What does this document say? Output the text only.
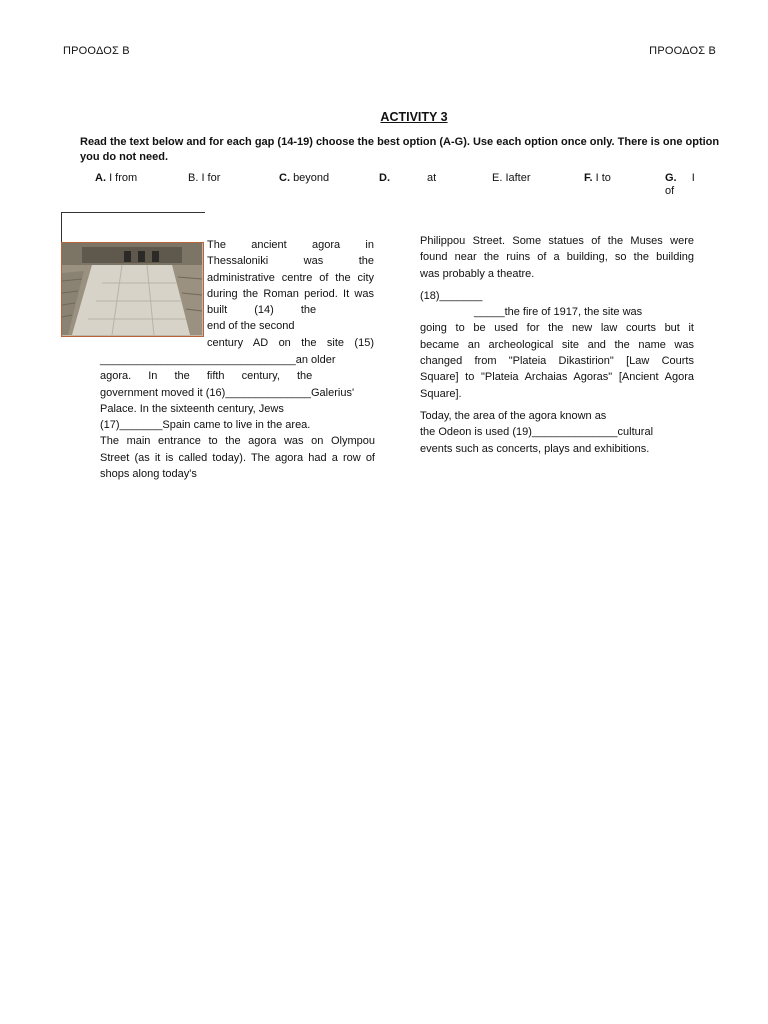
ΠΡΟΟΔΟΣ Β	ΠΡΟΟΔΟΣ Β
ACTIVITY 3
Read the text below and for each gap (14-19) choose the best option (A-G). Use each option once only. There is one option you do not need.
A. I from	B. I for	C. beyond	D.	at	E. Iafter	F. I to	G. I
of
The ancient agora in
Thessaloniki was the
administrative centre of the city
during the Roman period. It was
built (14) the
end of the second
century AD on the site (15)
________________________________an older
agora. In the fifth century, the
government moved it (16)______________Galerius'
Palace. In the sixteenth century, Jews
(17)_______Spain came to live in the area.
The main entrance to the agora was on Olympou
Street (as it is called today). The agora had a row of
shops along today's
Philippou Street. Some statues of the Muses were
found near the ruins of a building, so the building
was probably a theatre.
(18)_______
_____the fire of 1917, the site was
going to be used for the new law courts but it
became an archeological site and the name was
changed from "Plateia Dikastirion" [Law Courts
Square] to "Plateia Archaias Agoras" [Ancient Agora
Square].
Today, the area of the agora known as
the Odeon is used (19)______________cultural
events such as concerts, plays and exhibitions.
